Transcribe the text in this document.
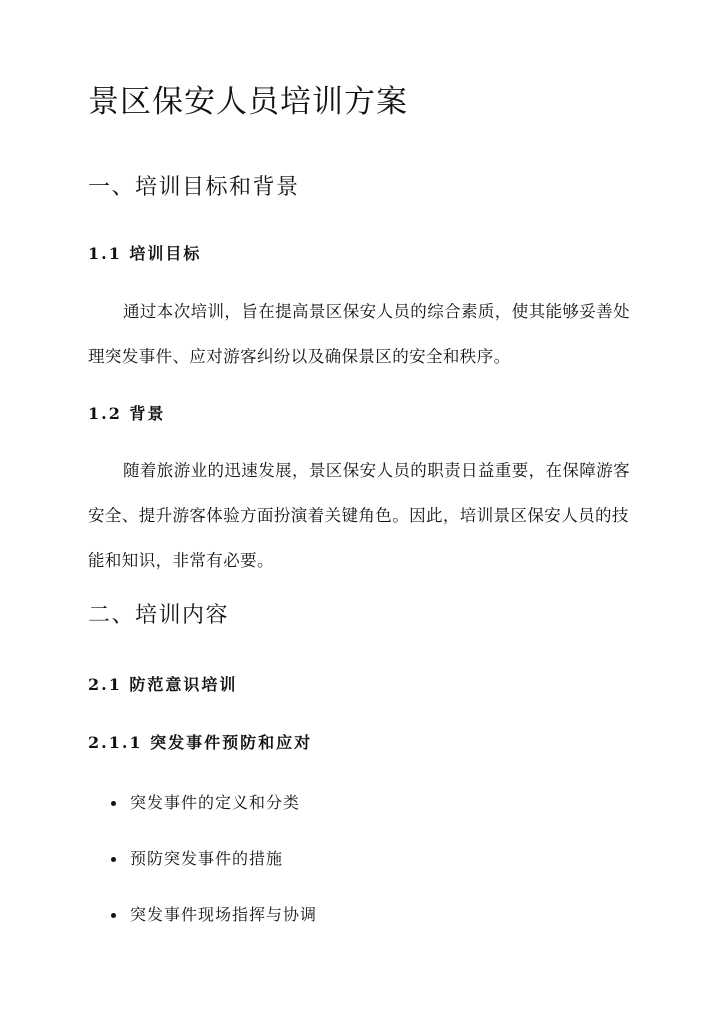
景区保安人员培训方案
一、培训目标和背景
1.1 培训目标

通过本次培训，旨在提高景区保安人员的综合素质，使其能够妥善处理突发事件、应对游客纠纷以及确保景区的安全和秩序。

1.2 背景

随着旅游业的迅速发展，景区保安人员的职责日益重要，在保障游客安全、提升游客体验方面扮演着关键角色。因此，培训景区保安人员的技能和知识，非常有必要。

二、培训内容
2.1 防范意识培训
2.1.1 突发事件预防和应对
突发事件的定义和分类
预防突发事件的措施
突发事件现场指挥与协调
